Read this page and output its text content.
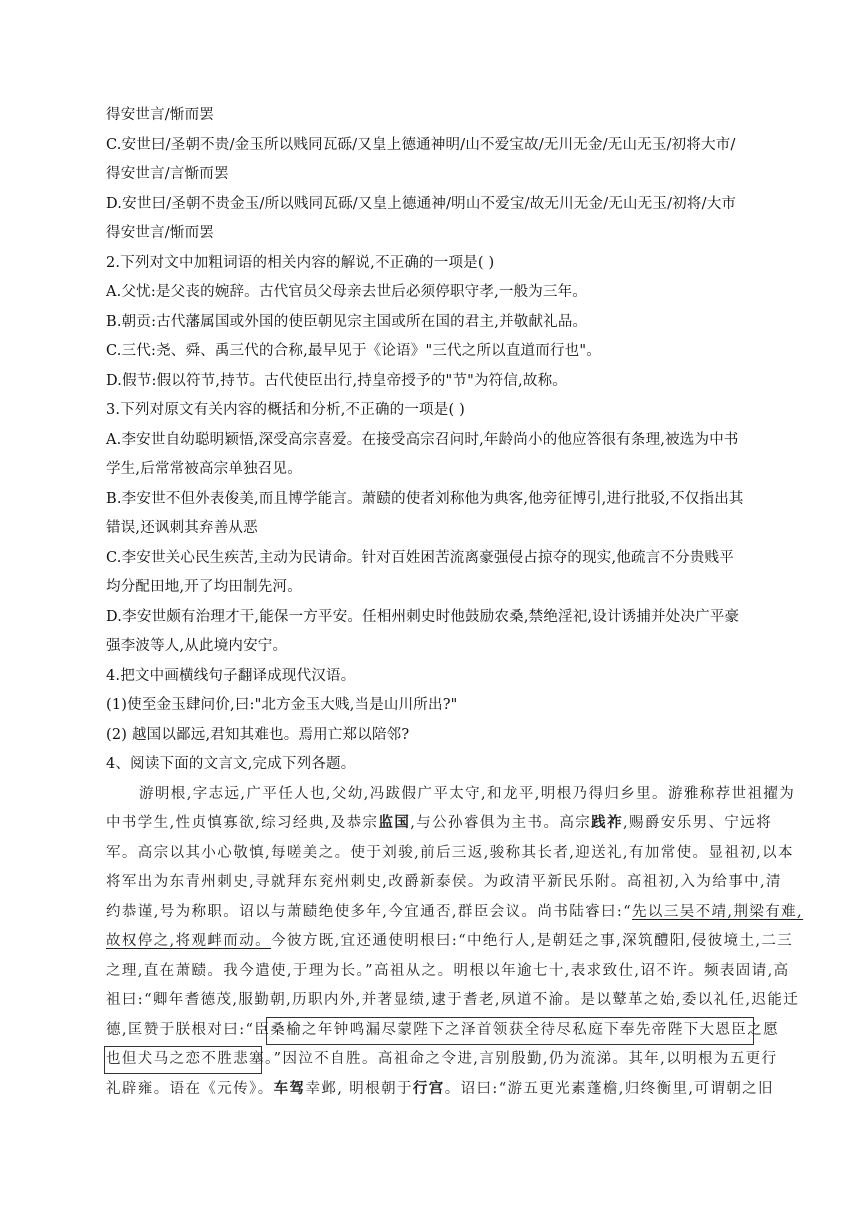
得安世言/惭而罢
C.安世曰/圣朝不贵/金玉所以贱同瓦砾/又皇上德通神明/山不爱宝故/无川无金/无山无玉/初将大市/
得安世言/言惭而罢
D.安世曰/圣朝不贵金玉/所以贱同瓦砾/又皇上德通神/明山不爱宝/故无川无金/无山无玉/初将/大市
得安世言/惭而罢
2.下列对文中加粗词语的相关内容的解说,不正确的一项是( )
A.父忧:是父丧的婉辞。古代官员父母亲去世后必须停职守孝,一般为三年。
B.朝贡:古代藩属国或外国的使臣朝见宗主国或所在国的君主,并敬献礼品。
C.三代:尧、舜、禹三代的合称,最早见于《论语》"三代之所以直道而行也"。
D.假节:假以符节,持节。古代使臣出行,持皇帝授予的"节"为符信,故称。
3.下列对原文有关内容的概括和分析,不正确的一项是( )
A.李安世自幼聪明颖悟,深受高宗喜爱。在接受高宗召问时,年龄尚小的他应答很有条理,被选为中书
学生,后常常被高宗单独召见。
B.李安世不但外表俊美,而且博学能言。萧赜的使者刘称他为典客,他旁征博引,进行批驳,不仅指出其
错误,还讽刺其弃善从恶
C.李安世关心民生疾苦,主动为民请命。针对百姓困苦流离豪强侵占掠夺的现实,他疏言不分贵贱平
均分配田地,开了均田制先河。
D.李安世颇有治理才干,能保一方平安。任相州刺史时他鼓励农桑,禁绝淫祀,设计诱捕并处决广平豪
强李波等人,从此境内安宁。
4.把文中画横线句子翻译成现代汉语。
(1)使至金玉肆问价,曰:"北方金玉大贱,当是山川所出?"
(2) 越国以鄙远,君知其难也。焉用亡郑以陪邻?
4、阅读下面的文言文,完成下列各题。
游明根,字志远,广平任人也,父幼,冯跋假广平太守,和龙平,明根乃得归乡里。游雅称荐世祖擢为
中书学生,性贞慎寡欲,综习经典,及恭宗监国,与公孙睿俱为主书。高宗践祚,赐爵安乐男、宁远将
军。高宗以其小心敬慎,每嗟美之。使于刘骏,前后三返,骏称其长者,迎送礼,有加常使。显祖初,以本
将军出为东青州刺史,寻就拜东兖州刺史,改爵新泰侯。为政清平新民乐附。高祖初,入为给事中,清
约恭谨,号为称职。诏以与萧赜绝使多年,今宜通否,群臣会议。尚书陆睿曰:“先以三吴不靖,荆梁有难,
故权停之,将观衅而动。今彼方既,宜还通使明根曰:“中绝行人,是朝廷之事,深筑醴阳,侵彼境土,二三
之理,直在萧赜。我今遣使,于理为长。”高祖从之。明根以年逾七十,表求致仕,诏不许。频表固请,高
祖曰:“卿年耆德茂,服勤朝,历职内外,并著显绩,逮于耆老,夙道不渝。是以鼙革之始,委以礼任,迟能迁
德,匡赞于朕根对曰:“臣桑榆之年钟鸣漏尽蒙陛下之泽首领获全待尽私庭下奉先帝陛下大恩臣之愿
也但犬马之恋不胜悲塞。”因泣不自胜。高祖命之令进,言别殷勤,仍为流涕。其年,以明根为五更行
礼辟雍。语在《元传》。车驾幸邺, 明根朝于行宫。诏曰:“游五更光素蓬檐,归终衡里,可谓朝之旧
